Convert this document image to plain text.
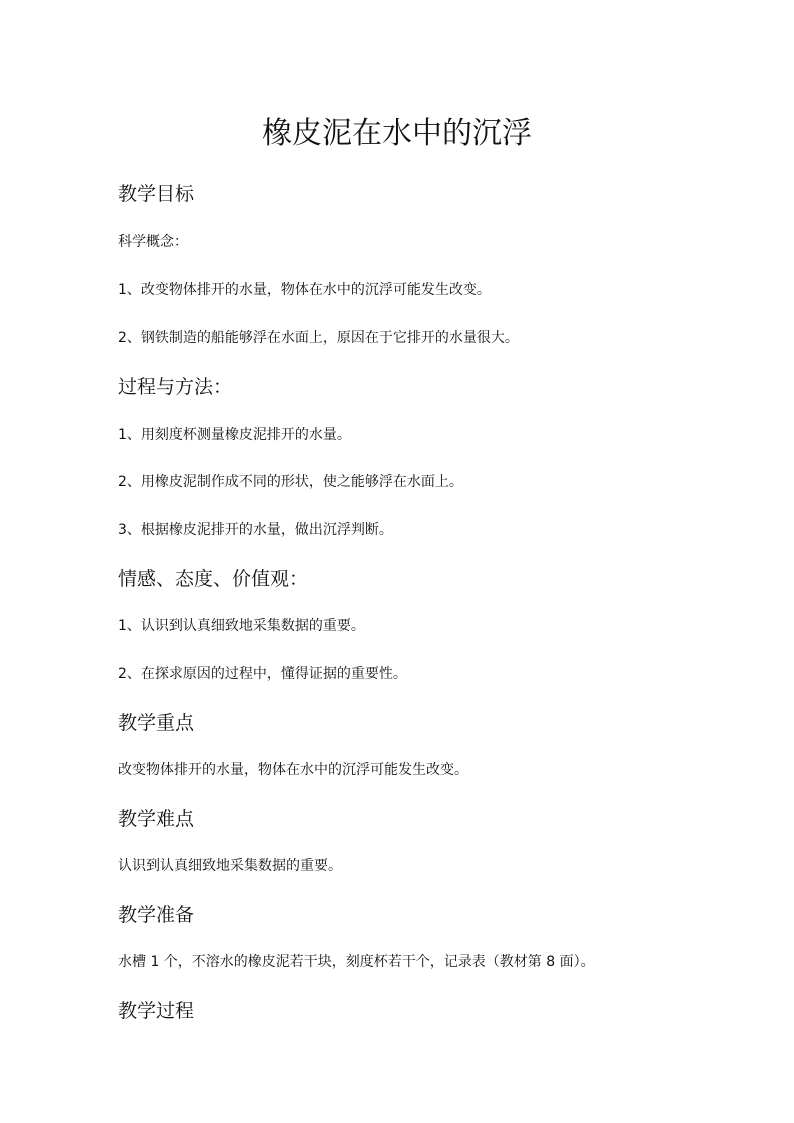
橡皮泥在水中的沉浮
教学目标

科学概念：

1、改变物体排开的水量，物体在水中的沉浮可能发生改变。

2、钢铁制造的船能够浮在水面上，原因在于它排开的水量很大。

过程与方法：

1、用刻度杯测量橡皮泥排开的水量。

2、用橡皮泥制作成不同的形状，使之能够浮在水面上。

3、根据橡皮泥排开的水量，做出沉浮判断。

情感、态度、价值观：

1、认识到认真细致地采集数据的重要。

2、在探求原因的过程中，懂得证据的重要性。

教学重点

改变物体排开的水量，物体在水中的沉浮可能发生改变。

教学难点

认识到认真细致地采集数据的重要。

教学准备

水槽 1 个，不溶水的橡皮泥若干块，刻度杯若干个，记录表（教材第 8 面）。

教学过程
